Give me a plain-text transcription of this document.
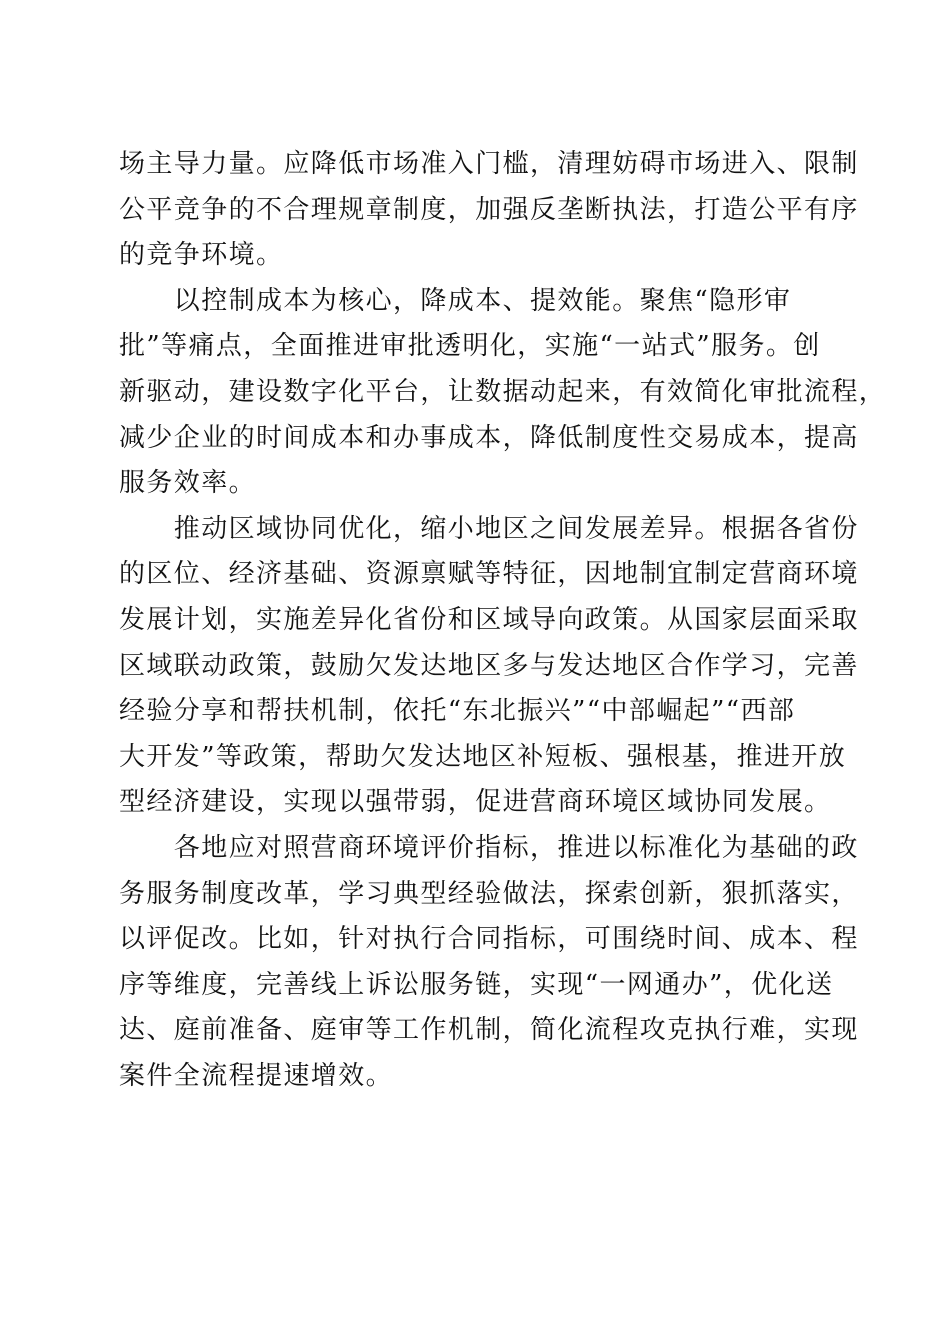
场主导力量。应降低市场准入门槛，清理妨碍市场进入、限制
公平竞争的不合理规章制度，加强反垄断执法，打造公平有序
的竞争环境。
　　以控制成本为核心，降成本、提效能。聚焦“隐形审
批”等痛点，全面推进审批透明化，实施“一站式”服务。创
新驱动，建设数字化平台，让数据动起来，有效简化审批流程，
减少企业的时间成本和办事成本，降低制度性交易成本，提高
服务效率。
　　推动区域协同优化，缩小地区之间发展差异。根据各省份
的区位、经济基础、资源禀赋等特征，因地制宜制定营商环境
发展计划，实施差异化省份和区域导向政策。从国家层面采取
区域联动政策，鼓励欠发达地区多与发达地区合作学习，完善
经验分享和帮扶机制，依托“东北振兴”“中部崛起”“西部
大开发”等政策，帮助欠发达地区补短板、强根基，推进开放
型经济建设，实现以强带弱，促进营商环境区域协同发展。
　　各地应对照营商环境评价指标，推进以标准化为基础的政
务服务制度改革，学习典型经验做法，探索创新，狠抓落实，
以评促改。比如，针对执行合同指标，可围绕时间、成本、程
序等维度，完善线上诉讼服务链，实现“一网通办”，优化送
达、庭前准备、庭审等工作机制，简化流程攻克执行难，实现
案件全流程提速增效。
